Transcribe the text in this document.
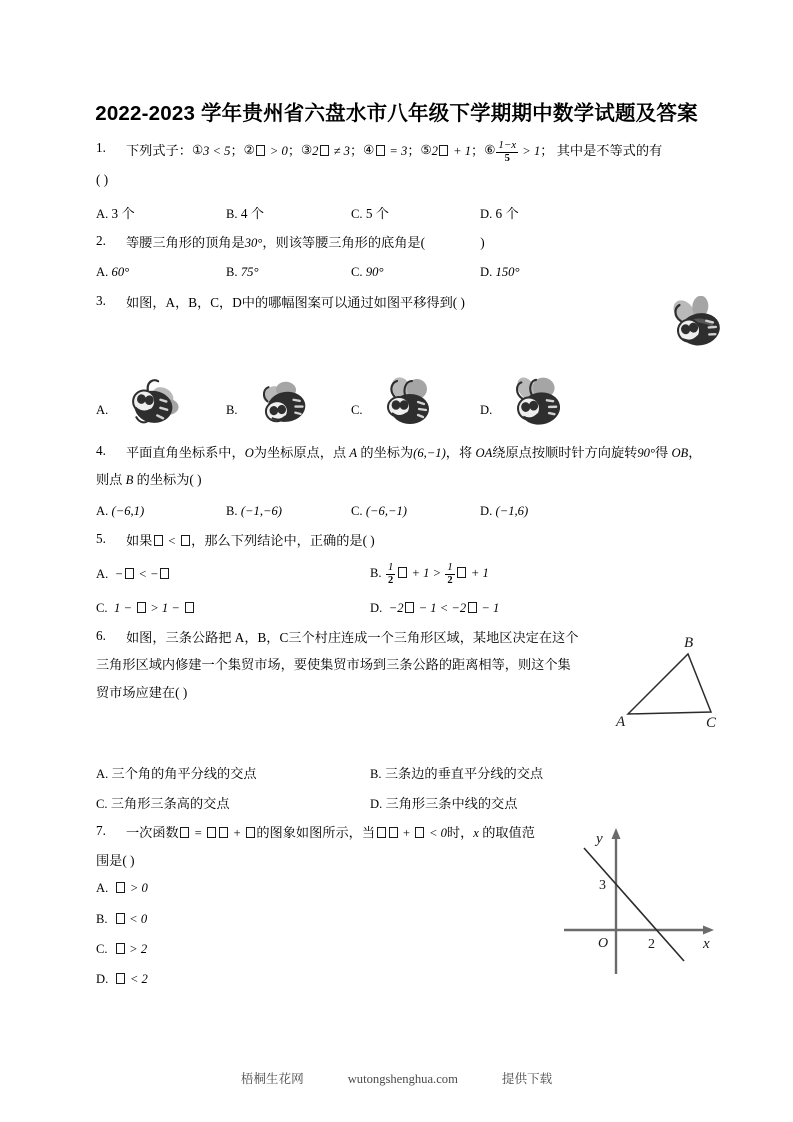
2022-2023 学年贵州省六盘水市八年级下学期期中数学试题及答案
1. 下列式子：①3 < 5；② > 0；③2 ≠ 3；④ = 3；⑤2 + 1；⑥ $\frac{1-x}{5} > 1$； 其中是不等式的有
( )
A. 3 个	B. 4 个	C. 5 个	D. 6 个
2. 等腰三角形的顶角是30°，则该等腰三角形的底角是(	)
A. 60°	B. 75°	C. 90°	D. 150°
3. 如图，A，B，C，D中的哪幅图案可以通过如图平移得到( )
A.	B.	C.	D.
4. 平面直角坐标系中，O为坐标原点，点 A 的坐标为(6,−1)，将 OA绕原点按顺时针方向旋转90°得 OB，
则点 B 的坐标为( )
A. (−6,1)	B. (−1,−6)	C. (−6,−1)	D. (−1,6)
5. 如果 < ，那么下列结论中，正确的是( )
A.  − < −	B. $\frac{1}{2} + 1 > \frac{1}{2} + 1$
C. 1 −  > 1 −	D.  −2 − 1 < −2 − 1
6. 如图，三条公路把 A，B，C三个村庄连成一个三角形区域，某地区决定在这个
三角形区域内修建一个集贸市场，要使集贸市场到三条公路的距离相等，则这个集
贸市场应建在( )
A
B
C
A. 三个角的角平分线的交点	B. 三条边的垂直平分线的交点
C. 三角形三条高的交点	D. 三角形三条中线的交点
7. 一次函数 =  + 的图象如图所示，当 +  < 0时，x 的取值范
围是( )
y
x
O
3
2
A.   > 0
B.   < 0
C.   > 2
D.   < 2
梧桐生花网	wutongshenghua.com	提供下载
